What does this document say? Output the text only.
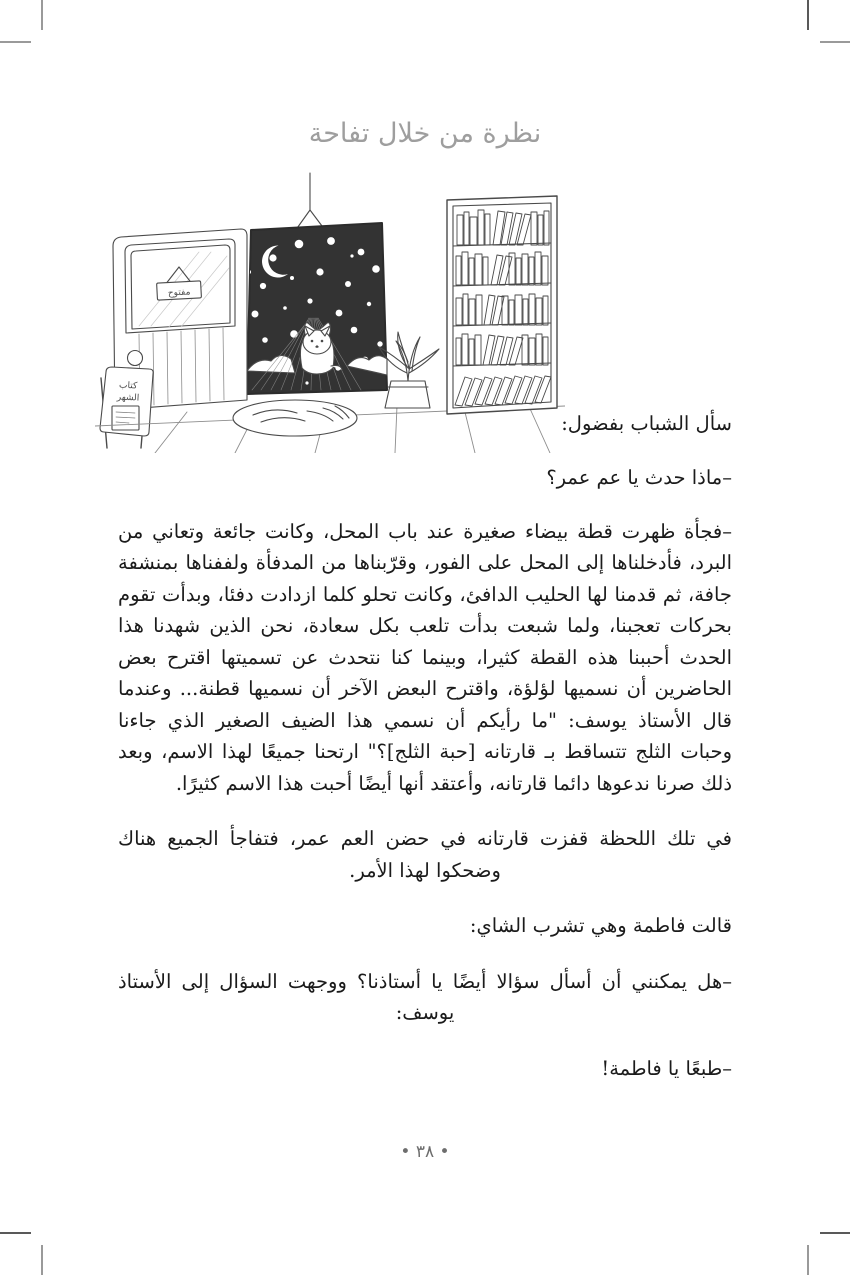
نظرة من خلال تفاحة
مفتوح
كتاب
الشهر

سأل الشباب بفضول:

–ماذا حدث يا عم عمر؟

–فجأة ظهرت قطة بيضاء صغيرة عند باب المحل، وكانت جائعة وتعاني من البرد، فأدخلناها إلى المحل على الفور، وقرّبناها من المدفأة ولففناها بمنشفة جافة، ثم قدمنا لها الحليب الدافئ، وكانت تحلو كلما ازدادت دفئا، وبدأت تقوم بحركات تعجبنا، ولما شبعت بدأت تلعب بكل سعادة، نحن الذين شهدنا هذا الحدث أحببنا هذه القطة كثيرا، وبينما كنا نتحدث عن تسميتها اقترح بعض الحاضرين أن نسميها لؤلؤة، واقترح البعض الآخر أن نسميها قطنة... وعندما قال الأستاذ يوسف: "ما رأيكم أن نسمي هذا الضيف الصغير الذي جاءنا وحبات الثلج تتساقط بـ قارتانه [حبة الثلج]؟" ارتحنا جميعًا لهذا الاسم، وبعد ذلك صرنا ندعوها دائما قارتانه، وأعتقد أنها أيضًا أحبت هذا الاسم كثيرًا.

في تلك اللحظة قفزت قارتانه في حضن العم عمر، فتفاجأ الجميع هناك وضحكوا لهذا الأمر.

قالت فاطمة وهي تشرب الشاي:

–هل يمكنني أن أسأل سؤالا أيضًا يا أستاذنا؟ ووجهت السؤال إلى الأستاذ يوسف:

–طبعًا يا فاطمة!

• ٣٨ •
